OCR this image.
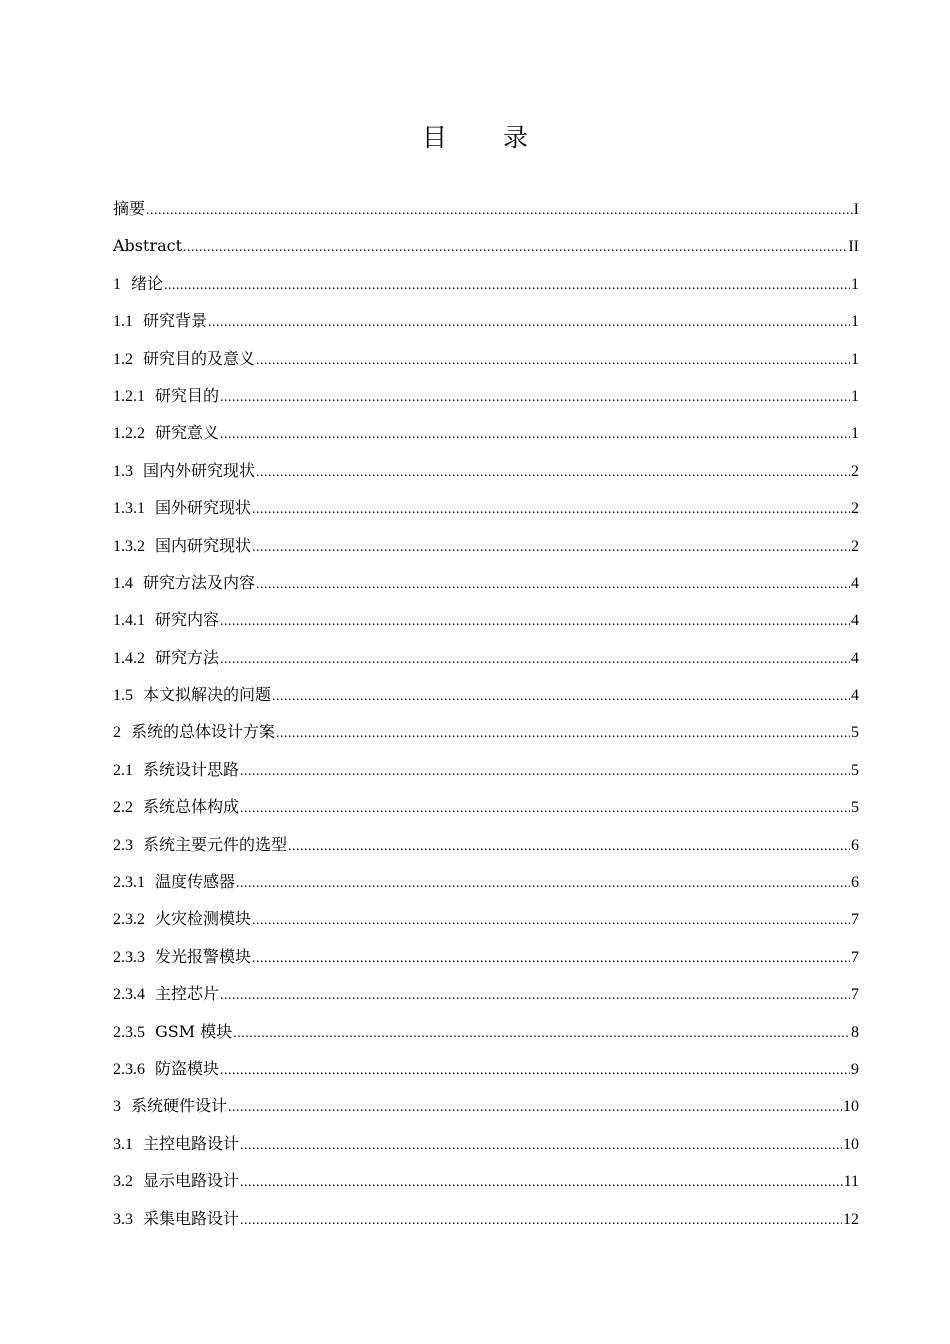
目 录
摘要 .....	I
Abstract .....	II
1 绪论 .....	1
1.1 研究背景 .....	1
1.2 研究目的及意义 .....	1
1.2.1 研究目的 .....	1
1.2.2 研究意义 .....	1
1.3 国内外研究现状 .....	2
1.3.1 国外研究现状 .....	2
1.3.2 国内研究现状 .....	2
1.4 研究方法及内容 .....	4
1.4.1 研究内容 .....	4
1.4.2 研究方法 .....	4
1.5 本文拟解决的问题 .....	4
2 系统的总体设计方案 .....	5
2.1 系统设计思路 .....	5
2.2 系统总体构成 .....	5
2.3 系统主要元件的选型 .....	6
2.3.1 温度传感器 .....	6
2.3.2 火灾检测模块 .....	7
2.3.3 发光报警模块 .....	7
2.3.4 主控芯片 .....	7
2.3.5 GSM 模块 .....	8
2.3.6 防盗模块 .....	9
3 系统硬件设计 .....	10
3.1 主控电路设计 .....	10
3.2 显示电路设计 .....	11
3.3 采集电路设计 .....	12
